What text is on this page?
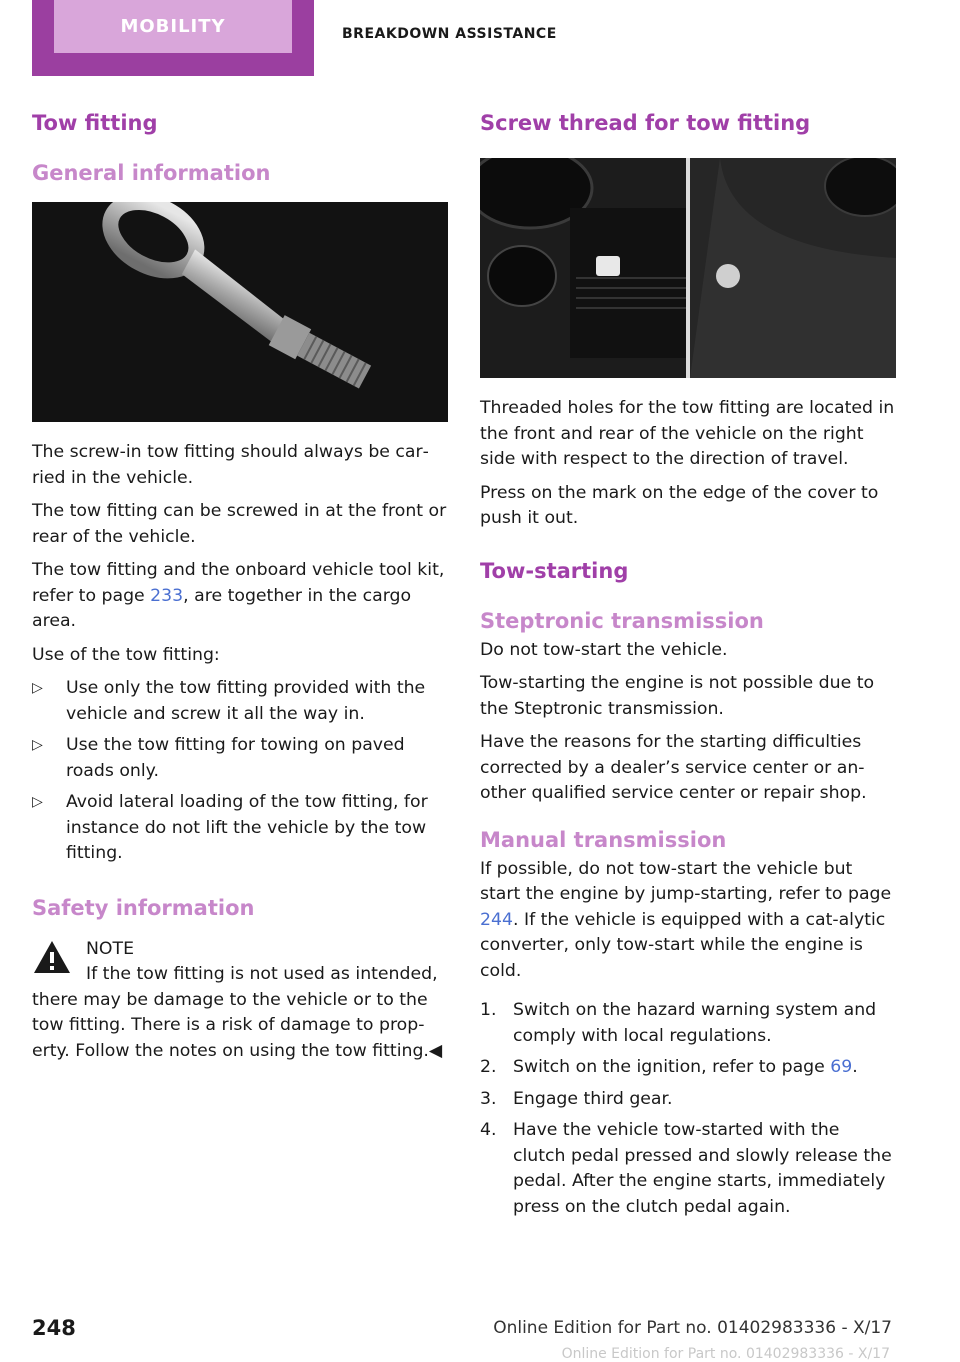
MOBILITY	BREAKDOWN ASSISTANCE
Tow fitting
General information

The screw-in tow fitting should always be car‐ried in the vehicle.

The tow fitting can be screwed in at the front or rear of the vehicle.

The tow fitting and the onboard vehicle tool kit, refer to page 233, are together in the cargo area.

Use of the tow fitting:

▷ Use only the tow fitting provided with the vehicle and screw it all the way in.
▷ Use the tow fitting for towing on paved roads only.
▷ Avoid lateral loading of the tow fitting, for instance do not lift the vehicle by the tow fitting.
Safety information

NOTE

If the tow fitting is not used as intended,

there may be damage to the vehicle or to the tow fitting. There is a risk of damage to prop‐erty. Follow the notes on using the tow fitting.◀

Screw thread for tow fitting

Threaded holes for the tow fitting are located in the front and rear of the vehicle on the right side with respect to the direction of travel.

Press on the mark on the edge of the cover to push it out.

Tow-starting
Steptronic transmission

Do not tow-start the vehicle.

Tow-starting the engine is not possible due to the Steptronic transmission.

Have the reasons for the starting difficulties corrected by a dealer’s service center or an‐other qualified service center or repair shop.

Manual transmission

If possible, do not tow-start the vehicle but start the engine by jump-starting, refer to page 244. If the vehicle is equipped with a cat‐alytic converter, only tow-start while the engine is cold.

1. Switch on the hazard warning system and comply with local regulations.
2. Switch on the ignition, refer to page 69.
3. Engage third gear.
4. Have the vehicle tow-started with the clutch pedal pressed and slowly release the pedal. After the engine starts, immediately press on the clutch pedal again.
248	Online Edition for Part no. 01402983336 - X/17
Online Edition for Part no. 01402983336 - X/17
